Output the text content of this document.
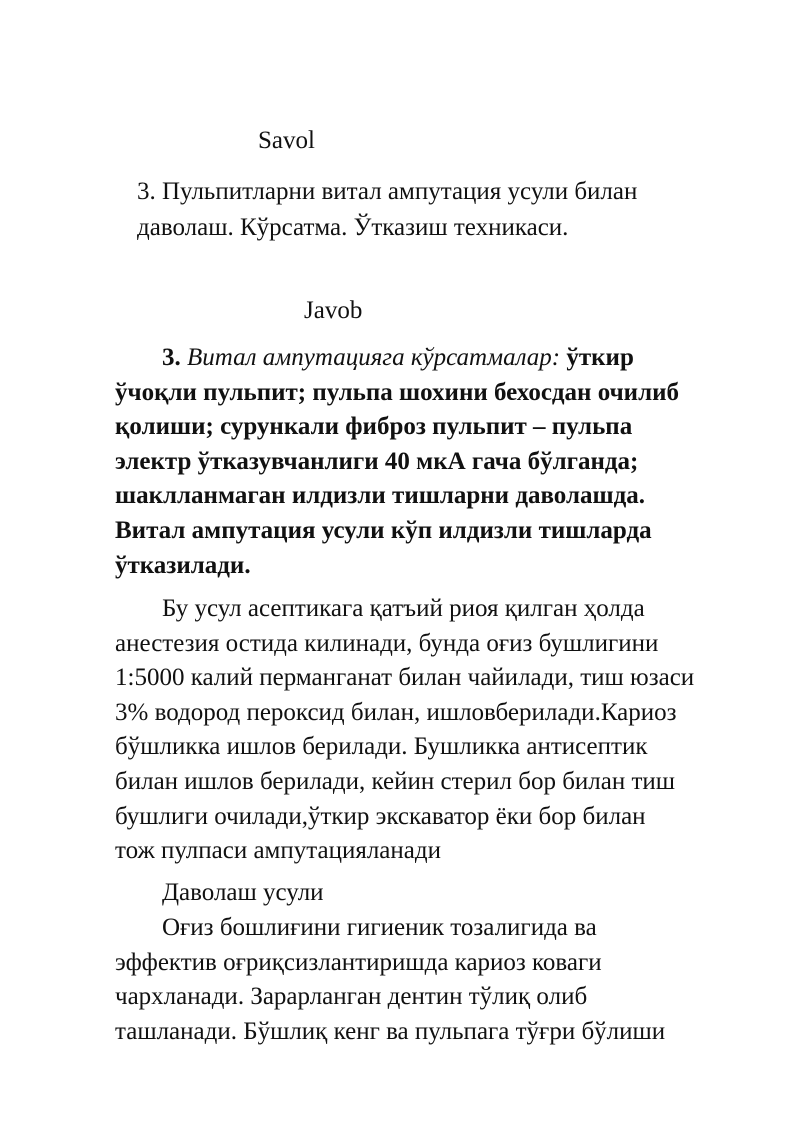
Savol
3. Пульпитларни витал ампутация усули билан
даволаш. Кўрсатма. Ўтказиш техникаси.
Javob
3. Витал ампутацияга кўрсатмалар: ўткир
ўчоқли пульпит; пульпа шохини бехосдан очилиб
қолиши; сурункали фиброз пульпит – пульпа
электр ўтказувчанлиги 40 мкА гача бўлганда;
шаклланмаган илдизли тишларни даволашда.
Витал ампутация усули кўп илдизли тишларда
ўтказилади.
Бу усул асептикага қатъий риоя қилган ҳолда
анестезия остида килинади, бунда оғиз бушлигини
1:5000 калий перманганат билан чайилади, тиш юзаси
3% водород пероксид билан, ишловберилади.Кариоз
бўшликка ишлов берилади. Бушликка антисептик
билан ишлов берилади, кейин стерил бор билан тиш
бушлиги очилади,ўткир экскаватор ёки бор билан
тож пулпаси ампутацияланади
Даволаш усули
Оғиз бошлиғини гигиеник тозалигида ва
эффектив оғриқсизлантиришда кариоз коваги
чархланади. Зарарланган дентин тўлиқ олиб
ташланади. Бўшлиқ кенг ва пульпага тўғри бўлиши
